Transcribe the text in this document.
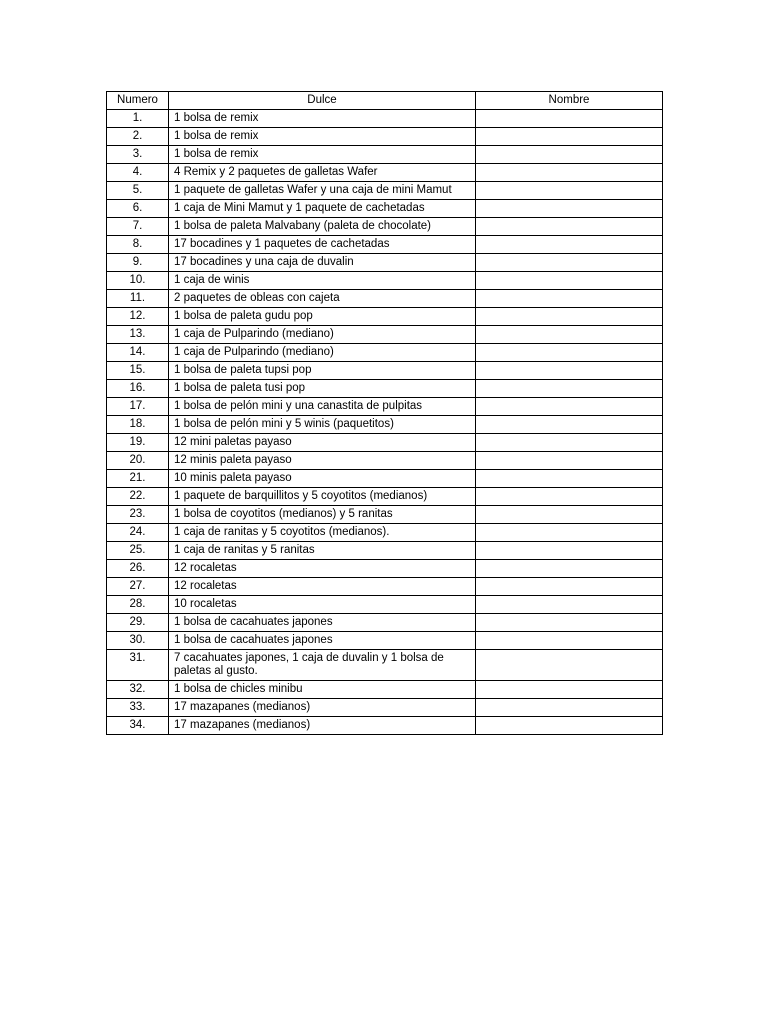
Numero	Dulce	Nombre
1.	1 bolsa de remix	
2.	1 bolsa de remix	
3.	1 bolsa de remix	
4.	4 Remix y 2 paquetes de galletas Wafer	
5.	1 paquete de galletas Wafer y una caja de mini Mamut	
6.	1 caja de Mini Mamut y 1 paquete de cachetadas	
7.	1 bolsa de paleta Malvabany (paleta de chocolate)	
8.	17 bocadines y 1 paquetes de cachetadas	
9.	17 bocadines y una caja de duvalin	
10.	1 caja de winis	
11.	2 paquetes de obleas con cajeta	
12.	1 bolsa de paleta gudu pop	
13.	1 caja de Pulparindo (mediano)	
14.	1 caja de Pulparindo (mediano)	
15.	1 bolsa de paleta tupsi pop	
16.	1 bolsa de paleta tusi pop	
17.	1 bolsa de pelón mini y una canastita de pulpitas	
18.	1 bolsa de pelón mini y 5 winis (paquetitos)	
19.	12 mini paletas payaso	
20.	12 minis paleta payaso	
21.	10 minis paleta payaso	
22.	1 paquete de barquillitos y 5 coyotitos (medianos)	
23.	1 bolsa de coyotitos (medianos) y 5 ranitas	
24.	1 caja de ranitas y 5 coyotitos (medianos).	
25.	1 caja de ranitas y 5 ranitas	
26.	12 rocaletas	
27.	12 rocaletas	
28.	10 rocaletas	
29.	1 bolsa de cacahuates japones	
30.	1 bolsa de cacahuates japones	
31.	7 cacahuates japones, 1 caja de duvalin y 1 bolsa de paletas al gusto.	
32.	1 bolsa de chicles minibu	
33.	17 mazapanes (medianos)	
34.	17 mazapanes (medianos)	
